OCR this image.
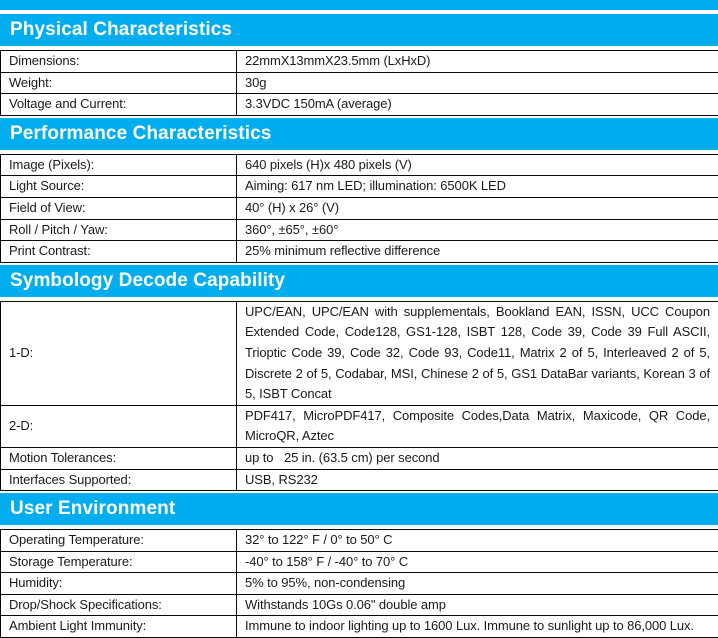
Physical Characteristics
Dimensions:	22mmX13mmX23.5mm (LxHxD)
Weight:	30g
Voltage and Current:	3.3VDC 150mA (average)
Performance Characteristics
Image (Pixels):	640 pixels (H)x 480 pixels (V)
Light Source:	Aiming: 617 nm LED; illumination: 6500K LED
Field of View:	40° (H) x 26° (V)
Roll / Pitch / Yaw:	360°, ±65°, ±60°
Print Contrast:	25% minimum reflective difference
Symbology Decode Capability
1-D:
UPC/EAN, UPC/EAN with supplementals, Bookland EAN, ISSN, UCC Coupon Extended Code, Code128, GS1-128, ISBT 128, Code 39, Code 39 Full ASCII, Trioptic Code 39, Code 32, Code 93, Code11, Matrix 2 of 5, Interleaved 2 of 5, Discrete 2 of 5, Codabar, MSI, Chinese 2 of 5, GS1 DataBar variants, Korean 3 of 5, ISBT Concat
2-D:
PDF417, MicroPDF417, Composite Codes,Data Matrix, Maxicode, QR Code, MicroQR, Aztec
Motion Tolerances:	up to   25 in. (63.5 cm) per second
Interfaces Supported:	USB, RS232
User Environment
Operating Temperature:	32° to 122° F / 0° to 50° C
Storage Temperature:	-40° to 158° F / -40° to 70° C
Humidity:	5% to 95%, non-condensing
Drop/Shock Specifications:	Withstands 10Gs 0.06" double amp
Ambient Light Immunity:	Immune to indoor lighting up to 1600 Lux. Immune to sunlight up to 86,000 Lux.
